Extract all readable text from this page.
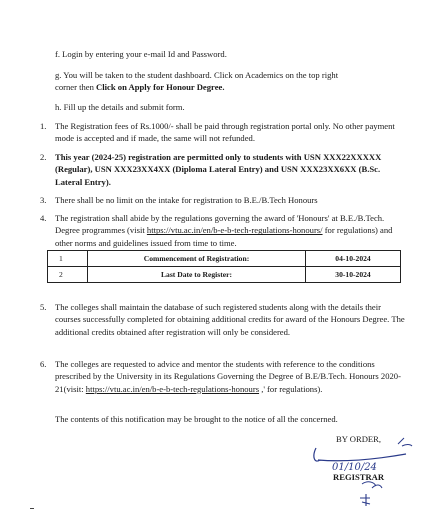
f. Login by entering your e-mail Id and Password.
g. You will be taken to the student dashboard. Click on Academics on the top right
corner then Click on Apply for Honour Degree.
h. Fill up the details and submit form.
1. The Registration fees of Rs.1000/- shall be paid through registration portal only. No other payment mode is accepted and if made, the same will not refunded.
2. This year (2024-25) registration are permitted only to students with USN XXX22XXXXX (Regular), USN XXX23XX4XX (Diploma Lateral Entry) and USN XXX23XX6XX (B.Sc. Lateral Entry).
3. There shall be no limit on the intake for registration to B.E./B.Tech Honours
4. The registration shall abide by the regulations governing the award of 'Honours' at B.E./B.Tech. Degree programmes (visit https://vtu.ac.in/en/b-e-b-tech-regulations-honours/ for regulations) and other norms and guidelines issued from time to time.
1	Commencement of Registration:	04-10-2024
2	Last Date to Register:	30-10-2024
5. The colleges shall maintain the database of such registered students along with the details their courses successfully completed for obtaining additional credits for award of the Honours Degree. The additional credits obtained after registration will only be considered.
6. The colleges are requested to advice and mentor the students with reference to the conditions prescribed by the University in its Regulations Governing the Degree of B.E/B.Tech. Honours 2020-21(visit: https://vtu.ac.in/en/b-e-b-tech-regulations-honours ,' for regulations).
The contents of this notification may be brought to the notice of all the concerned.
BY ORDER,
01/10/24
REGISTRAR
